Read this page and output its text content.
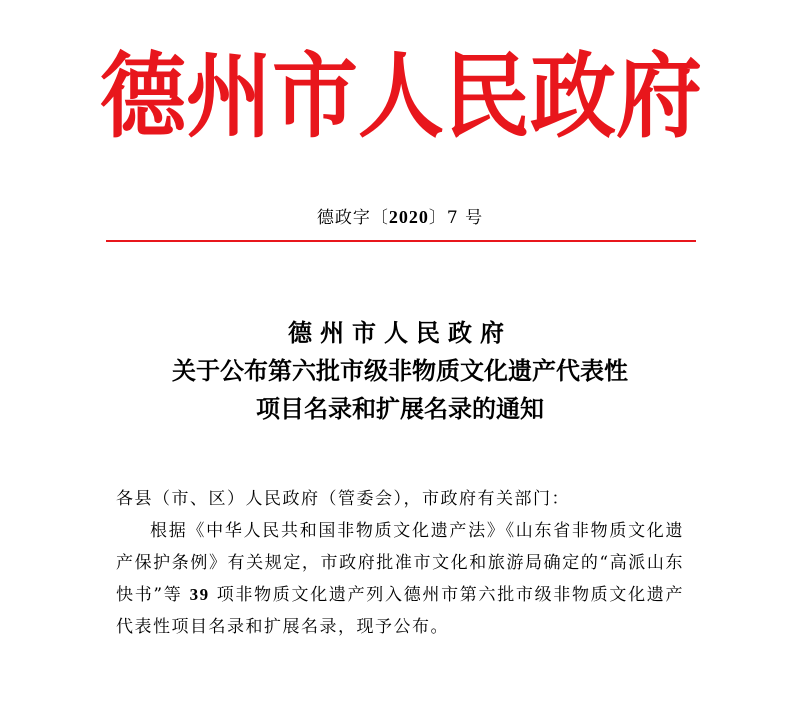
德 州 市 人 民 政 府
德政字〔2020〕7 号
德州市人民政府
关于公布第六批市级非物质文化遗产代表性
项目名录和扩展名录的通知

各县（市、区）人民政府（管委会），市政府有关部门：

根据《中华人民共和国非物质文化遗产法》《山东省非物质文化遗产保护条例》有关规定，市政府批准市文化和旅游局确定的“高派山东快书”等 39 项非物质文化遗产列入德州市第六批市级非物质文化遗产代表性项目名录和扩展名录，现予公布。
